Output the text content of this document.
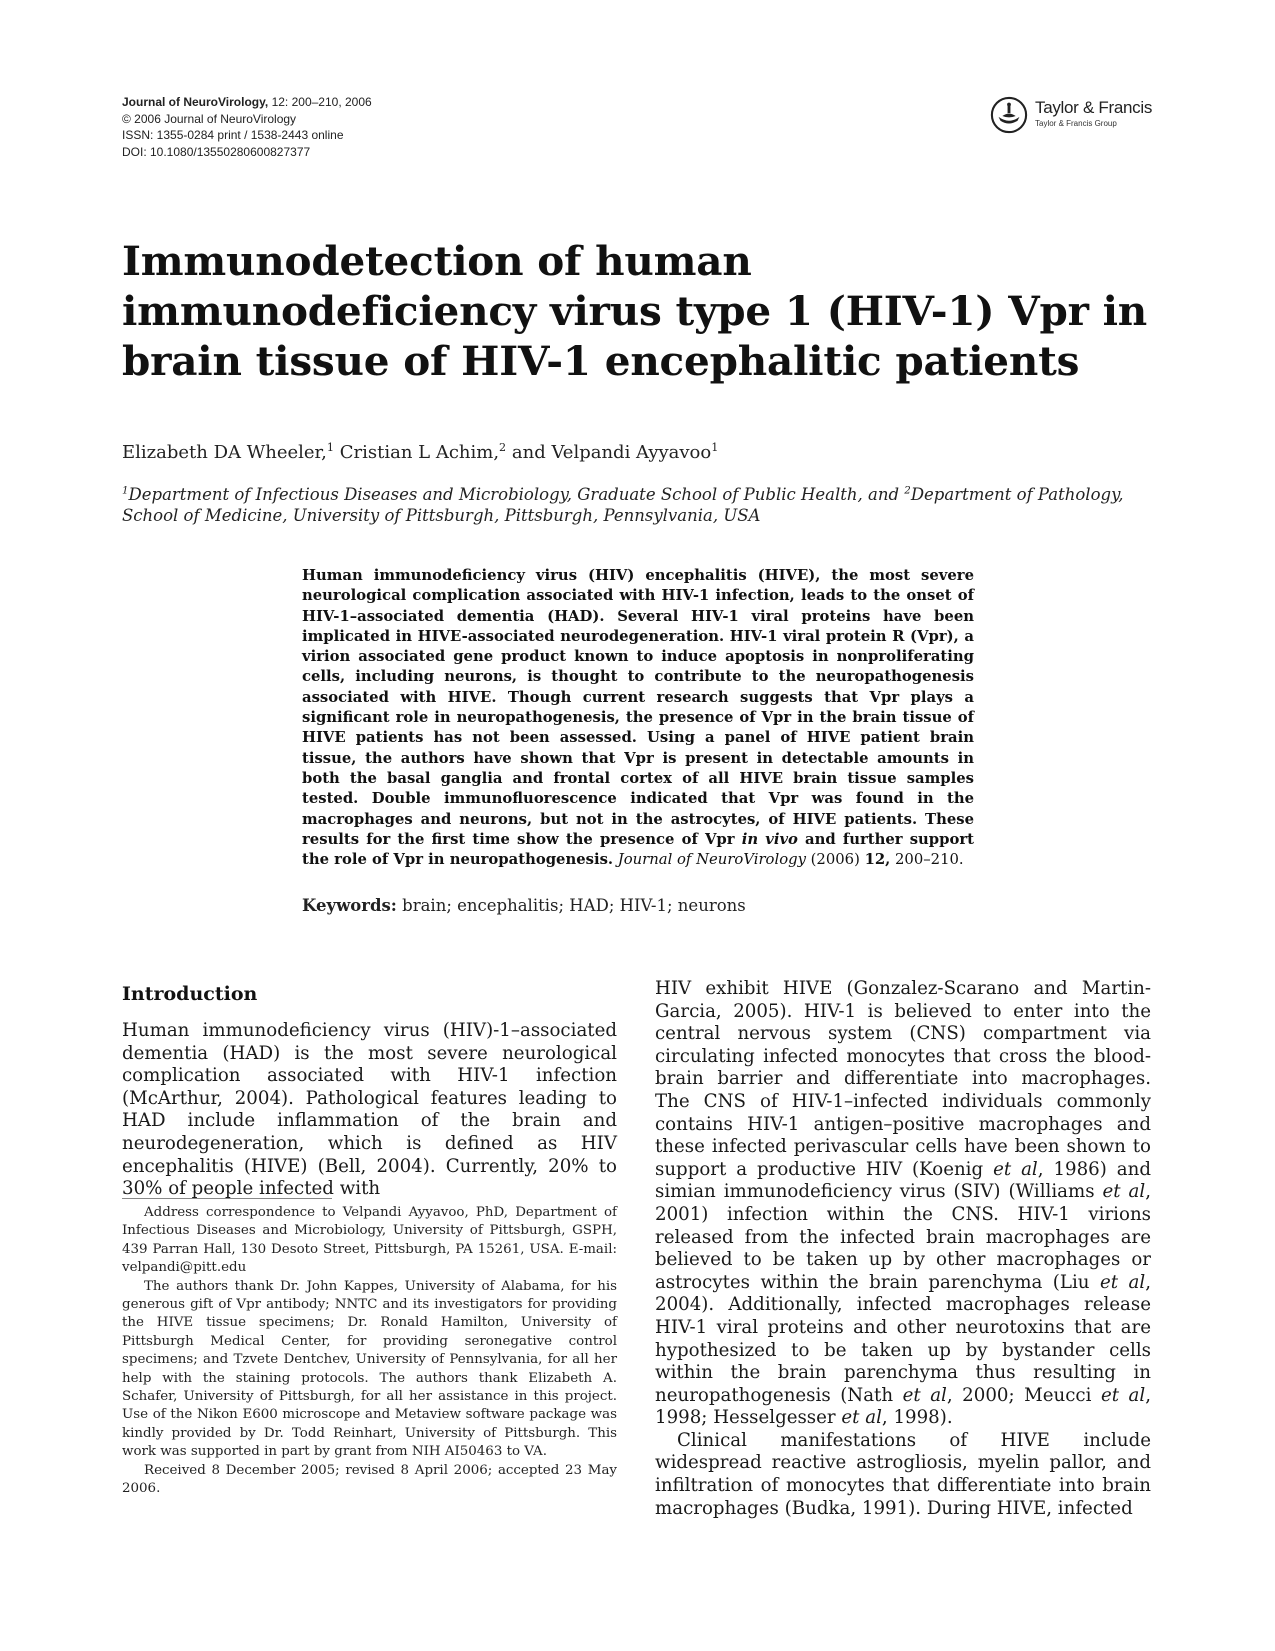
Journal of NeuroVirology, 12: 200–210, 2006
© 2006 Journal of NeuroVirology
ISSN: 1355-0284 print / 1538-2443 online
DOI: 10.1080/13550280600827377
Taylor & Francis
Taylor & Francis Group
Immunodetection of human immunodeficiency virus type 1 (HIV-1) Vpr in brain tissue of HIV-1 encephalitic patients
Elizabeth DA Wheeler,$^1$ Cristian L Achim,$^2$ and Velpandi Ayyavoo$^1$
$^1$Department of Infectious Diseases and Microbiology, Graduate School of Public Health, and $^2$Department of Pathology,
School of Medicine, University of Pittsburgh, Pittsburgh, Pennsylvania, USA
Human immunodeficiency virus (HIV) encephalitis (HIVE), the most severe neurological complication associated with HIV-1 infection, leads to the onset of HIV-1–associated dementia (HAD). Several HIV-1 viral proteins have been implicated in HIVE-associated neurodegeneration. HIV-1 viral protein R (Vpr), a virion associated gene product known to induce apoptosis in nonproliferating cells, including neurons, is thought to contribute to the neuropathogenesis associated with HIVE. Though current research suggests that Vpr plays a significant role in neuropathogenesis, the presence of Vpr in the brain tissue of HIVE patients has not been assessed. Using a panel of HIVE patient brain tissue, the authors have shown that Vpr is present in detectable amounts in both the basal ganglia and frontal cortex of all HIVE brain tissue samples tested. Double immunofluorescence indicated that Vpr was found in the macrophages and neurons, but not in the astrocytes, of HIVE patients. These results for the first time show the presence of Vpr in vivo and further support the role of Vpr in neuropathogenesis. Journal of NeuroVirology (2006) 12, 200–210.
Keywords: brain; encephalitis; HAD; HIV-1; neurons
Introduction
Human immunodeficiency virus (HIV)-1–associated dementia (HAD) is the most severe neurological complication associated with HIV-1 infection (McArthur, 2004). Pathological features leading to HAD include inflammation of the brain and neurodegeneration, which is defined as HIV encephalitis (HIVE) (Bell, 2004). Currently, 20% to 30% of people infected with

Address correspondence to Velpandi Ayyavoo, PhD, Department of Infectious Diseases and Microbiology, University of Pittsburgh, GSPH, 439 Parran Hall, 130 Desoto Street, Pittsburgh, PA 15261, USA. E-mail: velpandi@pitt.edu

The authors thank Dr. John Kappes, University of Alabama, for his generous gift of Vpr antibody; NNTC and its investigators for providing the HIVE tissue specimens; Dr. Ronald Hamilton, University of Pittsburgh Medical Center, for providing seronegative control specimens; and Tzvete Dentchev, University of Pennsylvania, for all her help with the staining protocols. The authors thank Elizabeth A. Schafer, University of Pittsburgh, for all her assistance in this project. Use of the Nikon E600 microscope and Metaview software package was kindly provided by Dr. Todd Reinhart, University of Pittsburgh. This work was supported in part by grant from NIH AI50463 to VA.

Received 8 December 2005; revised 8 April 2006; accepted 23 May 2006.

HIV exhibit HIVE (Gonzalez-Scarano and Martin-Garcia, 2005). HIV-1 is believed to enter into the central nervous system (CNS) compartment via circulating infected monocytes that cross the blood-brain barrier and differentiate into macrophages. The CNS of HIV-1–infected individuals commonly contains HIV-1 antigen–positive macrophages and these infected perivascular cells have been shown to support a productive HIV (Koenig et al, 1986) and simian immunodeficiency virus (SIV) (Williams et al, 2001) infection within the CNS. HIV-1 virions released from the infected brain macrophages are believed to be taken up by other macrophages or astrocytes within the brain parenchyma (Liu et al, 2004). Additionally, infected macrophages release HIV-1 viral proteins and other neurotoxins that are hypothesized to be taken up by bystander cells within the brain parenchyma thus resulting in neuropathogenesis (Nath et al, 2000; Meucci et al, 1998; Hesselgesser et al, 1998).

Clinical manifestations of HIVE include widespread reactive astrogliosis, myelin pallor, and infiltration of monocytes that differentiate into brain macrophages (Budka, 1991). During HIVE, infected
